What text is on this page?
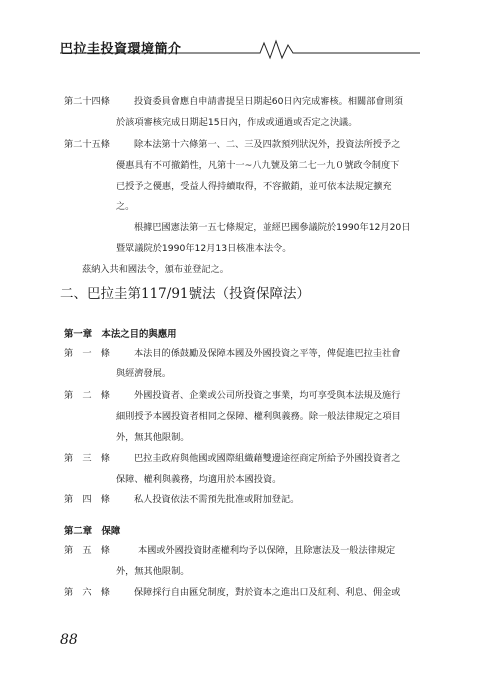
巴拉圭投資環境簡介
第二十四條	投資委員會應自申請書提呈日期起60日內完成審核。相關部會則須
於該項審核完成日期起15日內，作成或通過或否定之決議。
第二十五條	除本法第十六條第一、二、三及四款預列狀況外，投資法所授予之
優惠具有不可撤銷性，凡第十一~八九號及第二七一九０號政令制度下
已授予之優惠，受益人得持續取得，不容撤銷，並可依本法規定擴充
之。
根據巴國憲法第一五七條規定，並經巴國參議院於1990年12月20日
暨眾議院於1990年12月13日核准本法令。
茲納入共和國法令，頒布並登記之。
二、巴拉圭第117/91號法（投資保障法）
第一章　本法之目的與應用
第　一　條	本法目的係鼓勵及保障本國及外國投資之平等，俾促進巴拉圭社會
與經濟發展。
第　二　條	外國投資者、企業或公司所投資之事業，均可享受與本法規及施行
細則授予本國投資者相同之保障、權利與義務。除一般法律規定之項目
外，無其他限制。
第　三　條	巴拉圭政府與他國或國際組織藉雙邊途徑商定所給予外國投資者之
保障、權利與義務，均適用於本國投資。
第　四　條	私人投資依法不需預先批准或附加登記。
第二章　保障
第　五　條	本國或外國投資財產權利均予以保障，且除憲法及一般法律規定
外，無其他限制。
第　六　條	保障採行自由匯兌制度，對於資本之進出口及紅利、利息、佣金或
88
